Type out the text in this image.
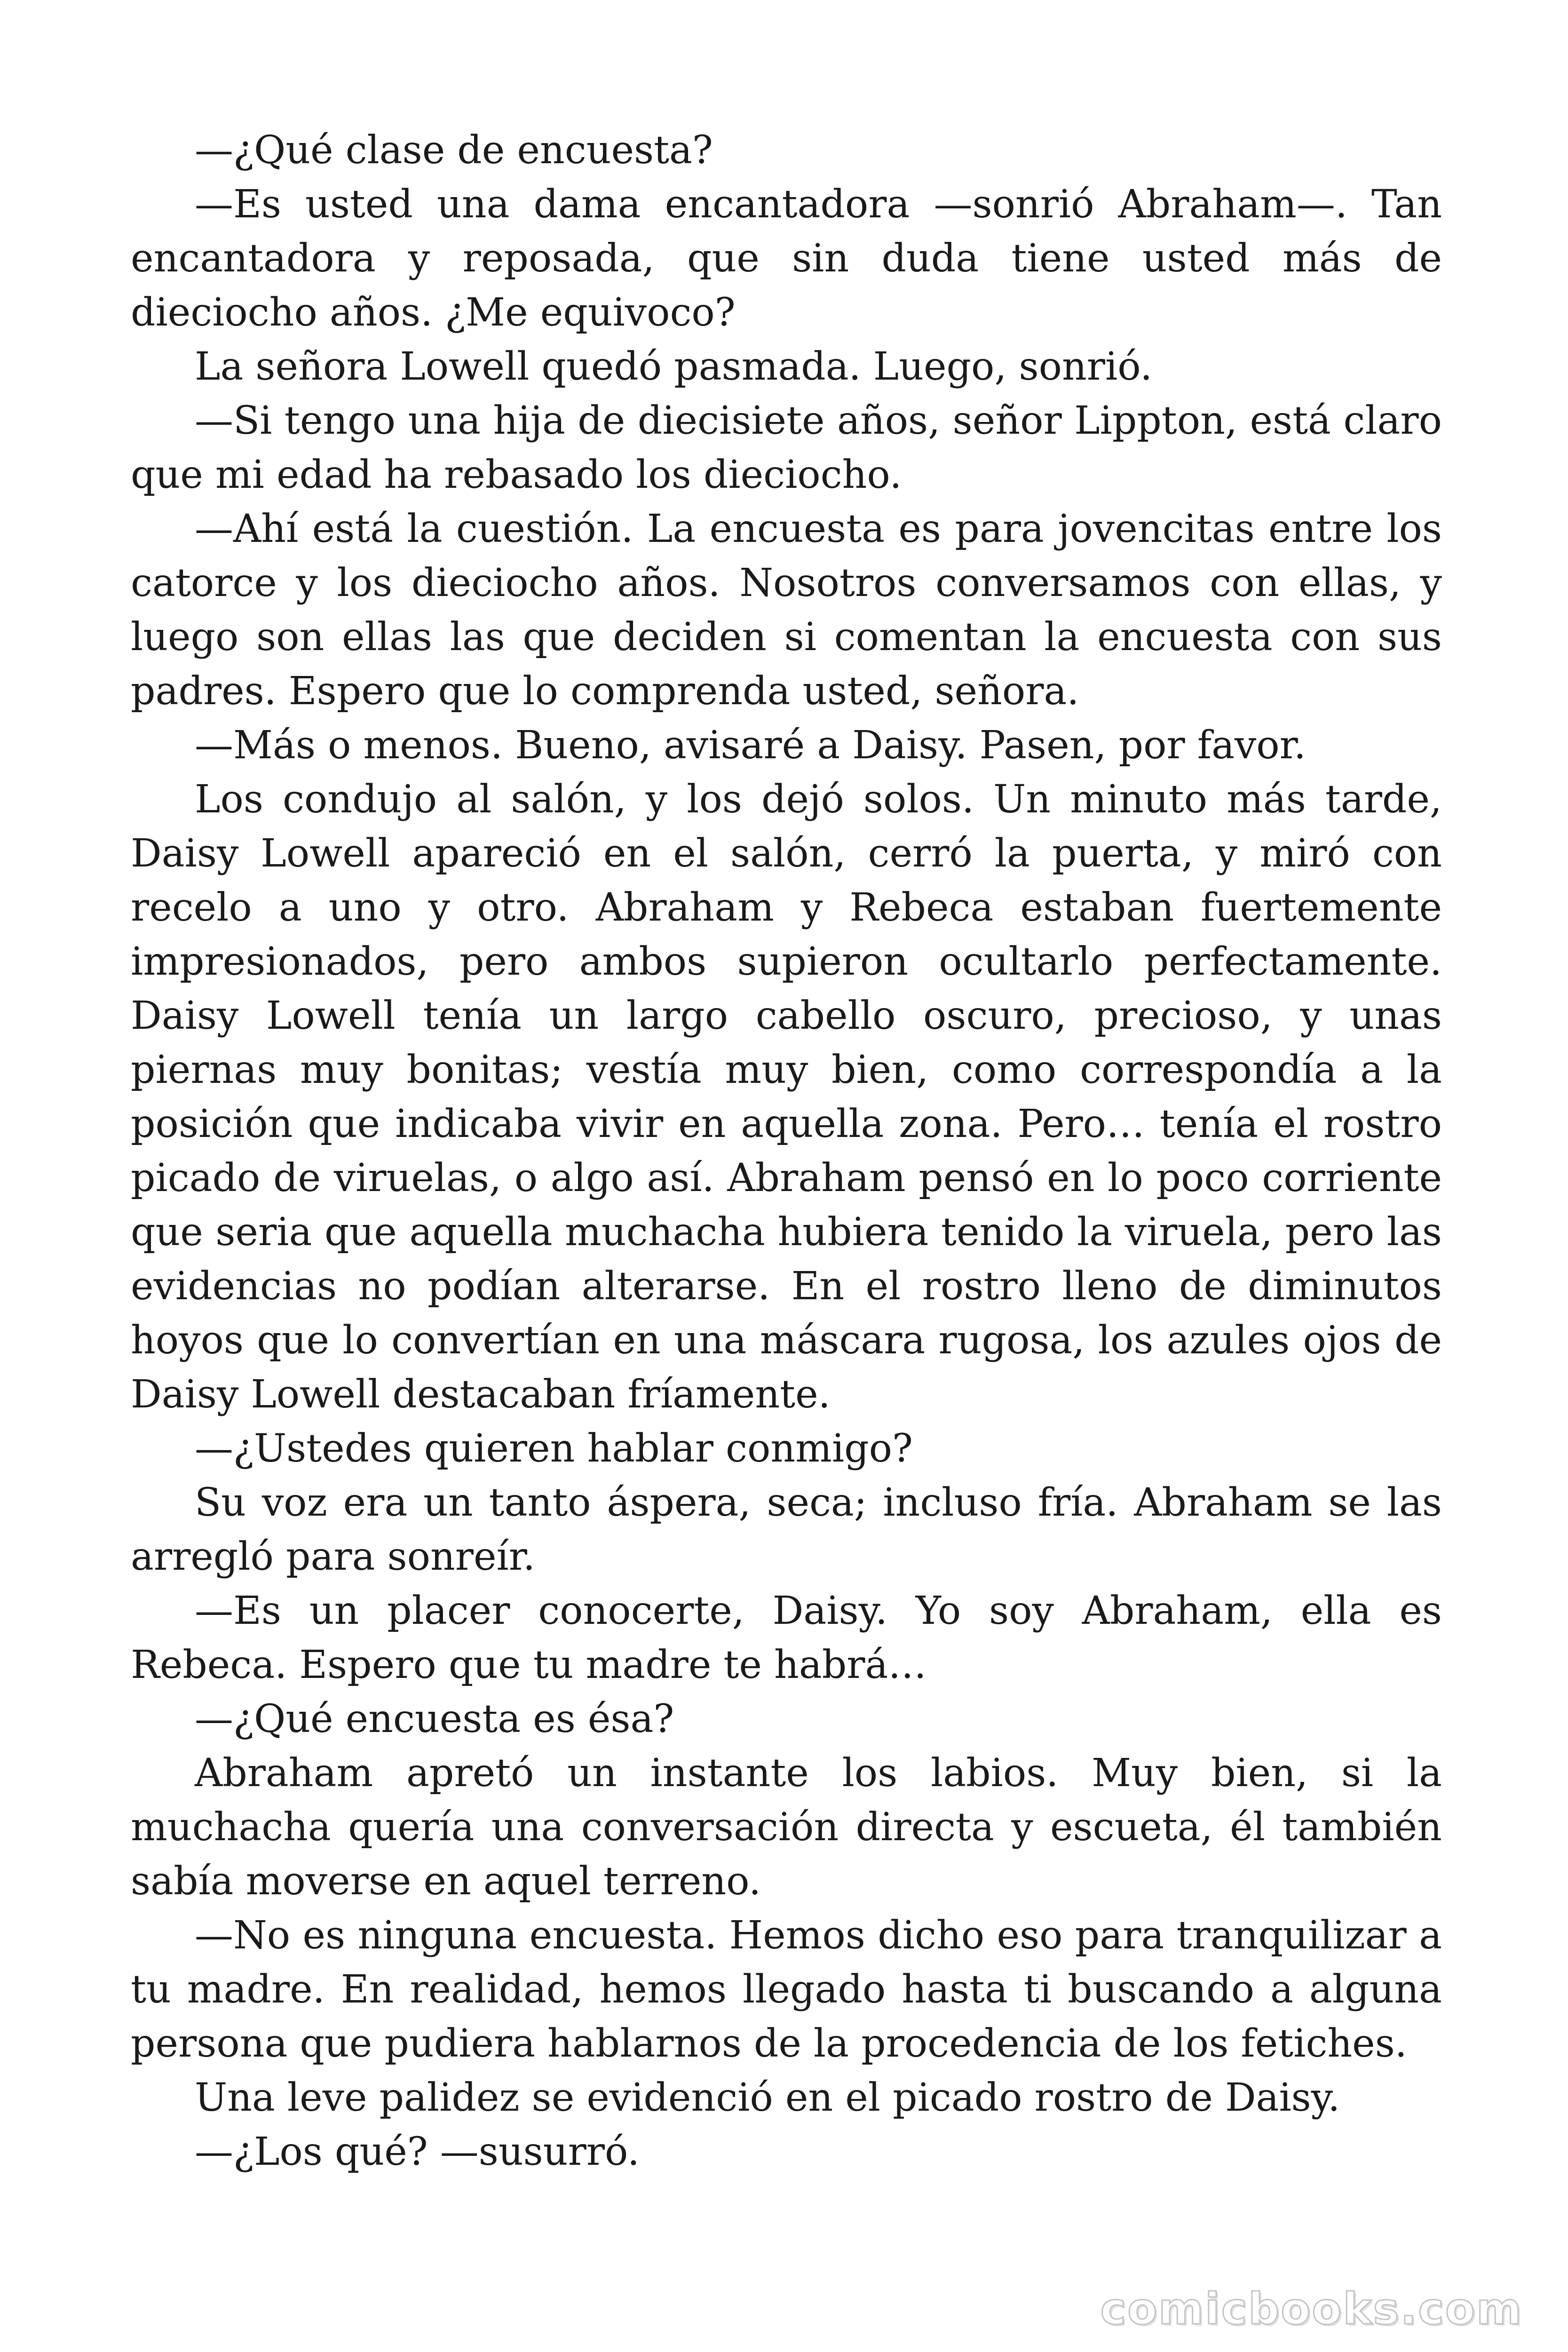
—¿Qué clase de encuesta?

—Es usted una dama encantadora —sonrió Abraham—. Tan encantadora y reposada, que sin duda tiene usted más de dieciocho años. ¿Me equivoco?

La señora Lowell quedó pasmada. Luego, sonrió.

—Si tengo una hija de diecisiete años, señor Lippton, está claro que mi edad ha rebasado los dieciocho.

—Ahí está la cuestión. La encuesta es para jovencitas entre los catorce y los dieciocho años. Nosotros conversamos con ellas, y luego son ellas las que deciden si comentan la encuesta con sus padres. Espero que lo comprenda usted, señora.

—Más o menos. Bueno, avisaré a Daisy. Pasen, por favor.

Los condujo al salón, y los dejó solos. Un minuto más tarde, Daisy Lowell apareció en el salón, cerró la puerta, y miró con recelo a uno y otro. Abraham y Rebeca estaban fuertemente impresionados, pero ambos supieron ocultarlo perfectamente. Daisy Lowell tenía un largo cabello oscuro, precioso, y unas piernas muy bonitas; vestía muy bien, como correspondía a la posición que indicaba vivir en aquella zona. Pero… tenía el rostro picado de viruelas, o algo así. Abraham pensó en lo poco corriente que seria que aquella muchacha hubiera tenido la viruela, pero las evidencias no podían alterarse. En el rostro lleno de diminutos hoyos que lo convertían en una máscara rugosa, los azules ojos de Daisy Lowell destacaban fríamente.

—¿Ustedes quieren hablar conmigo?

Su voz era un tanto áspera, seca; incluso fría. Abraham se las arregló para sonreír.

—Es un placer conocerte, Daisy. Yo soy Abraham, ella es Rebeca. Espero que tu madre te habrá…

—¿Qué encuesta es ésa?

Abraham apretó un instante los labios. Muy bien, si la muchacha quería una conversación directa y escueta, él también sabía moverse en aquel terreno.

—No es ninguna encuesta. Hemos dicho eso para tranquilizar a tu madre. En realidad, hemos llegado hasta ti buscando a alguna persona que pudiera hablarnos de la procedencia de los fetiches.

Una leve palidez se evidenció en el picado rostro de Daisy.

—¿Los qué? —susurró.

comicbooks.com
